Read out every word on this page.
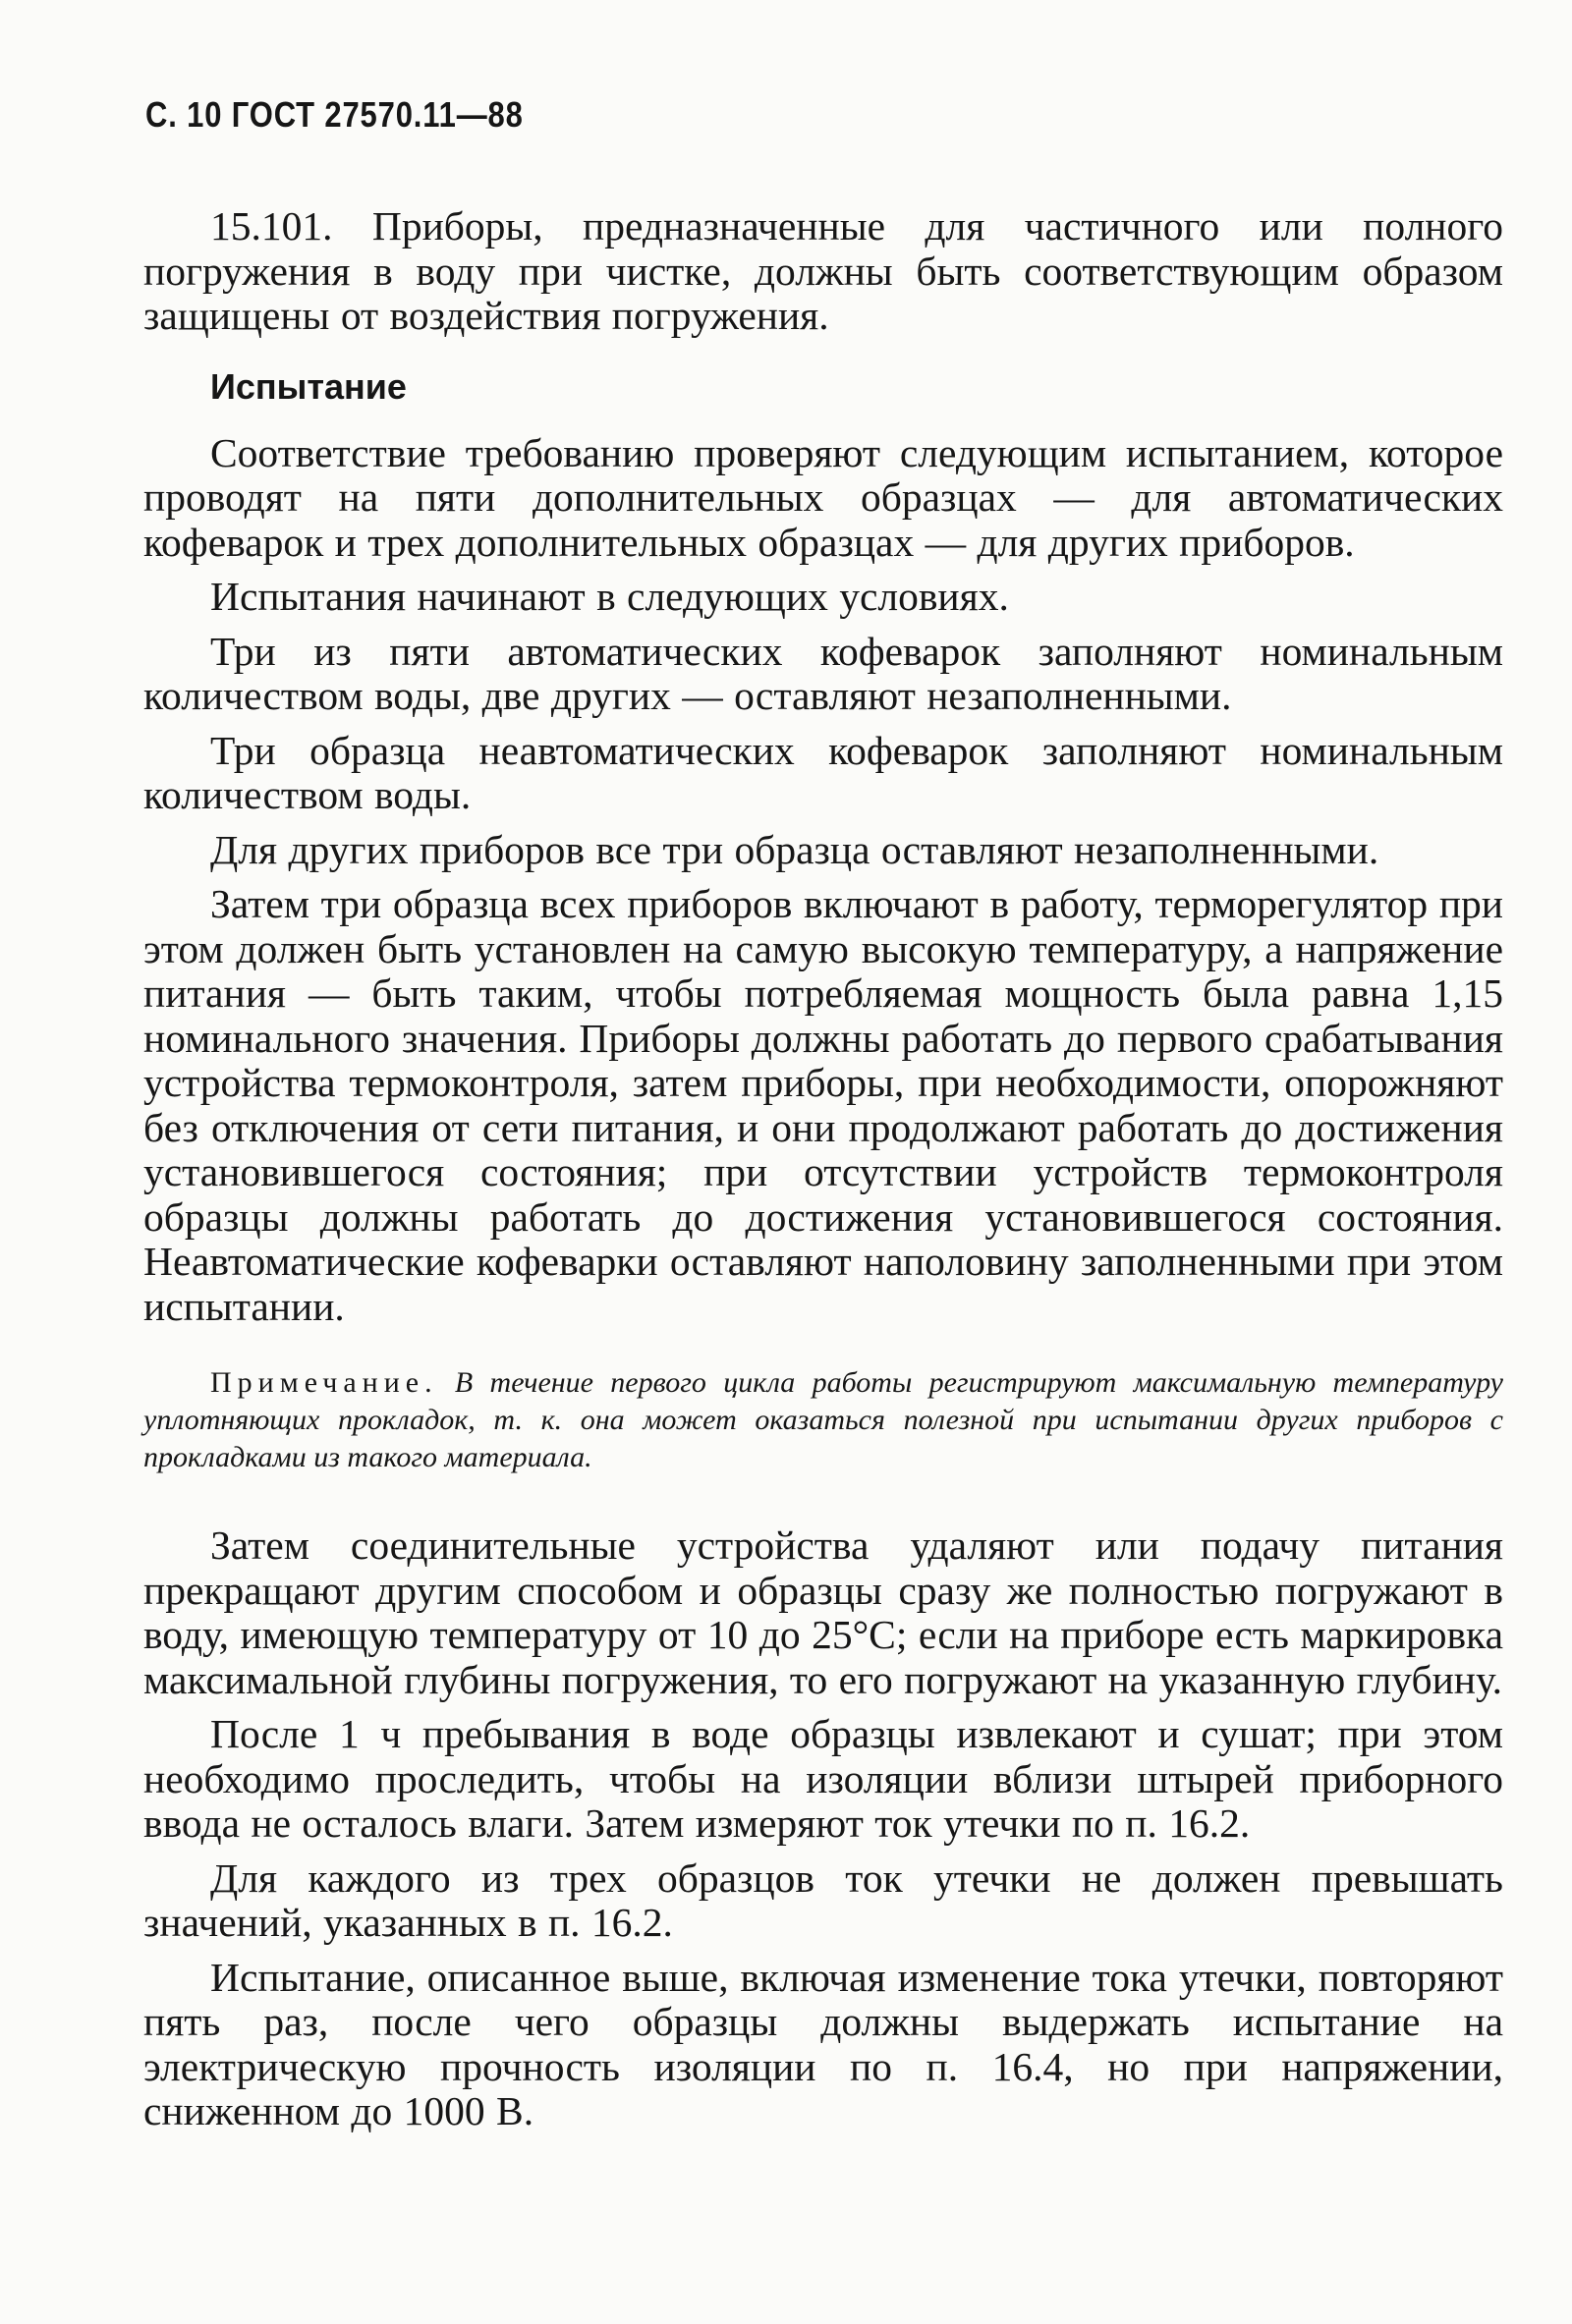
С. 10 ГОСТ 27570.11—88

15.101. Приборы, предназначенные для частичного или полного погружения в воду при чистке, должны быть соответствующим образом защищены от воздействия погружения.

Испытание

Соответствие требованию проверяют следующим испытанием, которое проводят на пяти дополнительных образцах — для автоматических кофеварок и трех дополнительных образцах — для других приборов.

Испытания начинают в следующих условиях.

Три из пяти автоматических кофеварок заполняют номинальным количеством воды, две других — оставляют незаполненными.

Три образца неавтоматических кофеварок заполняют номинальным количеством воды.

Для других приборов все три образца оставляют незаполненными.

Затем три образца всех приборов включают в работу, терморегулятор при этом должен быть установлен на самую высокую температуру, а напряжение питания — быть таким, чтобы потребляемая мощность была равна 1,15 номинального значения. Приборы должны работать до первого срабатывания устройства термоконтроля, затем приборы, при необходимости, опорожняют без отключения от сети питания, и они продолжают работать до достижения установившегося состояния; при отсутствии устройств термоконтроля образцы должны работать до достижения установившегося состояния. Неавтоматические кофеварки оставляют наполовину заполненными при этом испытании.

Примечание. В течение первого цикла работы регистрируют максимальную температуру уплотняющих прокладок, т. к. она может оказаться полезной при испытании других приборов с прокладками из такого материала.

Затем соединительные устройства удаляют или подачу питания прекращают другим способом и образцы сразу же полностью погружают в воду, имеющую температуру от 10 до 25°С; если на приборе есть маркировка максимальной глубины погружения, то его погружают на указанную глубину.

После 1 ч пребывания в воде образцы извлекают и сушат; при этом необходимо проследить, чтобы на изоляции вблизи штырей приборного ввода не осталось влаги. Затем измеряют ток утечки по п. 16.2.

Для каждого из трех образцов ток утечки не должен превышать значений, указанных в п. 16.2.

Испытание, описанное выше, включая изменение тока утечки, повторяют пять раз, после чего образцы должны выдержать испытание на электрическую прочность изоляции по п. 16.4, но при напряжении, сниженном до 1000 В.
